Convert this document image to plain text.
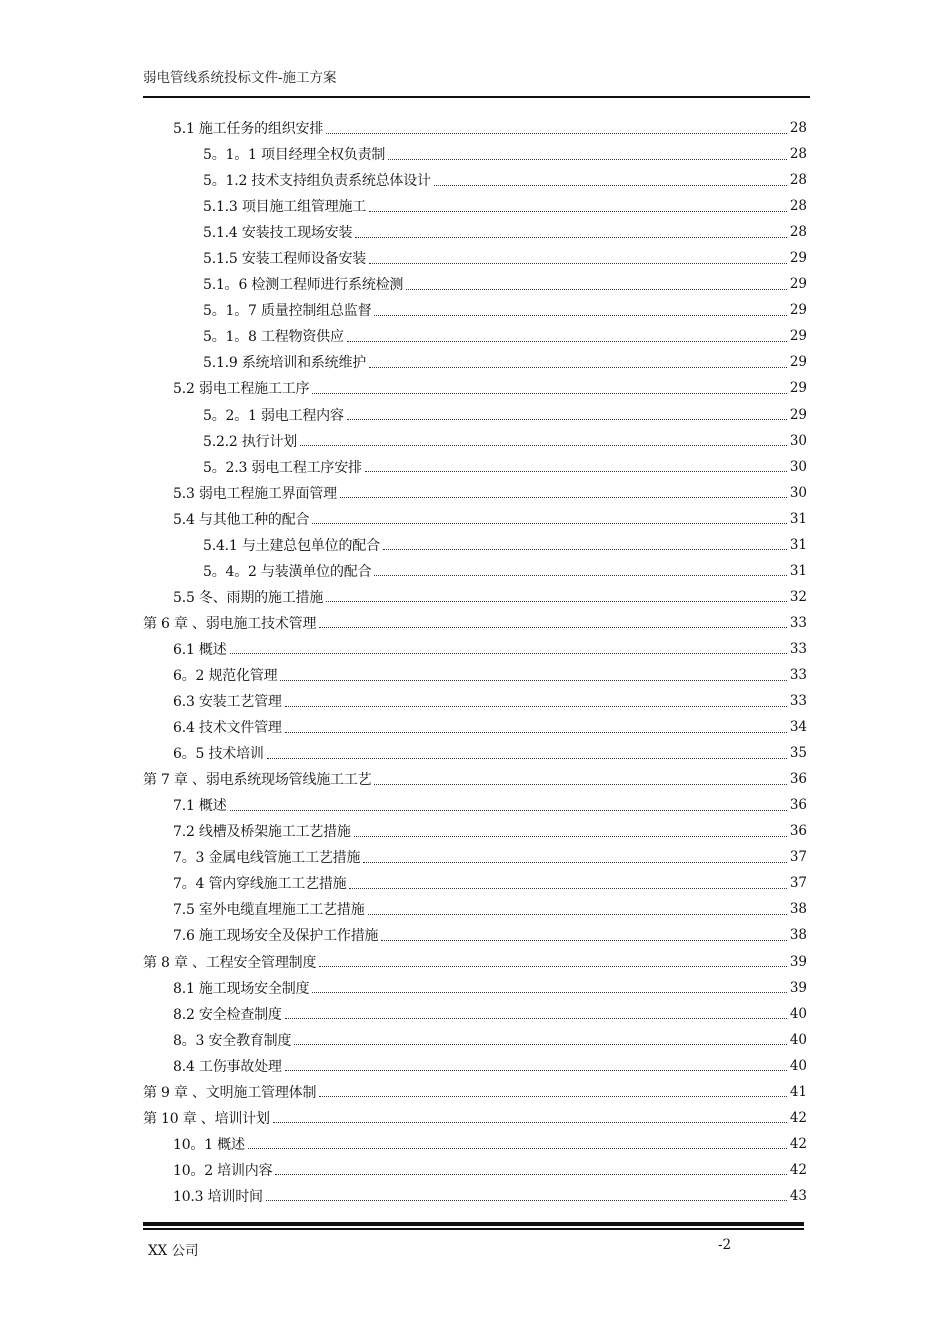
弱电管线系统投标文件-施工方案
5.1 施工任务的组织安排	28
5。1。1 项目经理全权负责制	28
5。1.2 技术支持组负责系统总体设计	28
5.1.3 项目施工组管理施工	28
5.1.4 安装技工现场安装	28
5.1.5 安装工程师设备安装	29
5.1。6 检测工程师进行系统检测	29
5。1。7 质量控制组总监督	29
5。1。8 工程物资供应	29
5.1.9 系统培训和系统维护	29
5.2 弱电工程施工工序	29
5。2。1 弱电工程内容	29
5.2.2 执行计划	30
5。2.3 弱电工程工序安排	30
5.3 弱电工程施工界面管理	30
5.4 与其他工种的配合	31
5.4.1 与土建总包单位的配合	31
5。4。2 与装潢单位的配合	31
5.5 冬、雨期的施工措施	32
第 6 章 、弱电施工技术管理	33
6.1 概述	33
6。2 规范化管理	33
6.3 安装工艺管理	33
6.4 技术文件管理	34
6。5 技术培训	35
第 7 章 、弱电系统现场管线施工工艺	36
7.1 概述	36
7.2 线槽及桥架施工工艺措施	36
7。3 金属电线管施工工艺措施	37
7。4 管内穿线施工工艺措施	37
7.5 室外电缆直埋施工工艺措施	38
7.6 施工现场安全及保护工作措施	38
第 8 章 、工程安全管理制度	39
8.1 施工现场安全制度	39
8.2 安全检查制度	40
8。3 安全教育制度	40
8.4 工伤事故处理	40
第 9 章 、文明施工管理体制	41
第 10 章 、培训计划	42
10。1 概述	42
10。2 培训内容	42
10.3 培训时间	43
XX 公司	-2
